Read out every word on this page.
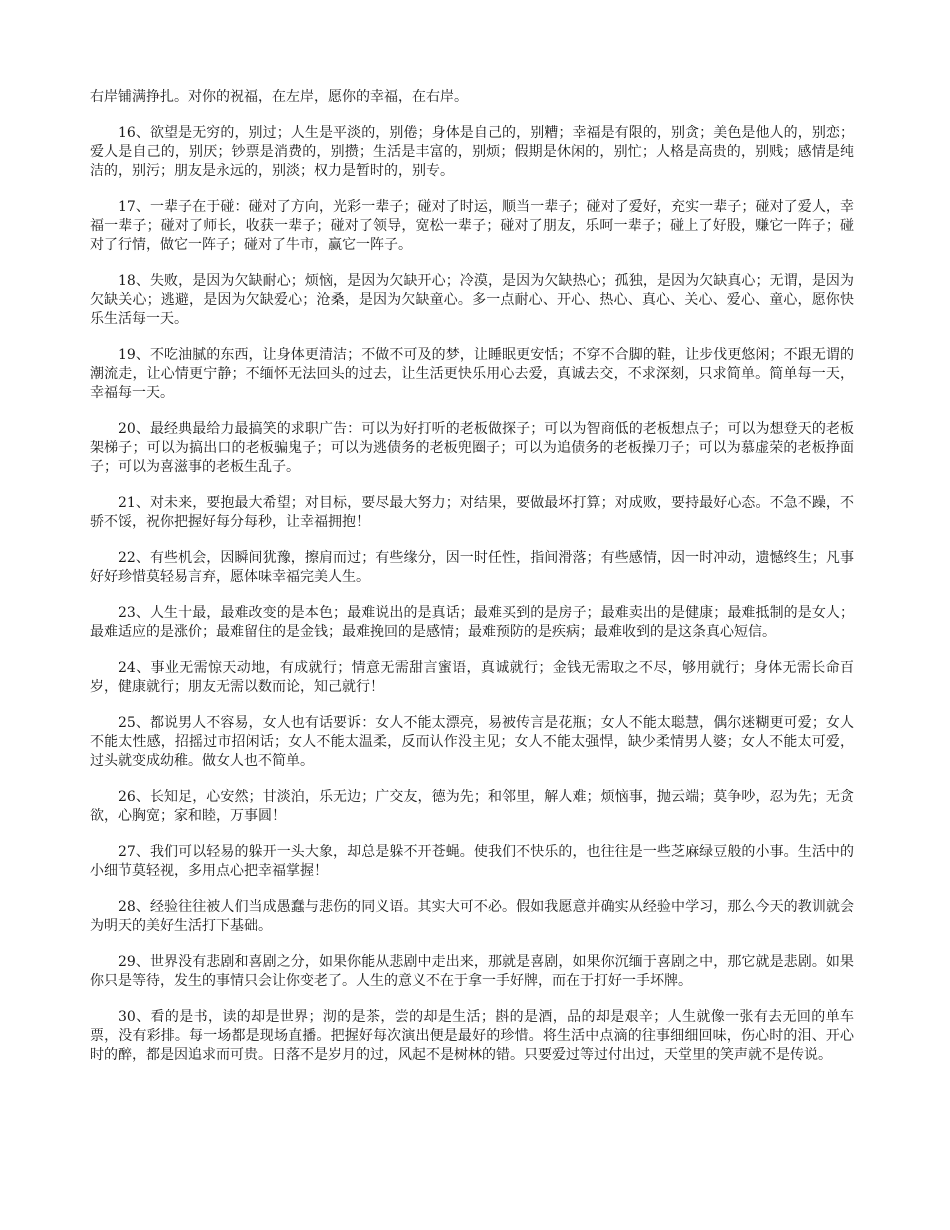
右岸铺满挣扎。对你的祝福，在左岸，愿你的幸福，在右岸。

16、欲望是无穷的，别过；人生是平淡的，别倦；身体是自己的，别糟；幸福是有限的，别贪；美色是他人的，别恋；爱人是自己的，别厌；钞票是消费的，别攒；生活是丰富的，别烦；假期是休闲的，别忙；人格是高贵的，别贱；感情是纯洁的，别污；朋友是永远的，别淡；权力是暂时的，别专。

17、一辈子在于碰：碰对了方向，光彩一辈子；碰对了时运，顺当一辈子；碰对了爱好，充实一辈子；碰对了爱人，幸福一辈子；碰对了师长，收获一辈子；碰对了领导，宽松一辈子；碰对了朋友，乐呵一辈子；碰上了好股，赚它一阵子；碰对了行情，做它一阵子；碰对了牛市，赢它一阵子。

18、失败，是因为欠缺耐心；烦恼，是因为欠缺开心；冷漠，是因为欠缺热心；孤独，是因为欠缺真心；无谓，是因为欠缺关心；逃避，是因为欠缺爱心；沧桑，是因为欠缺童心。多一点耐心、开心、热心、真心、关心、爱心、童心，愿你快乐生活每一天。

19、不吃油腻的东西，让身体更清洁；不做不可及的梦，让睡眠更安恬；不穿不合脚的鞋，让步伐更悠闲；不跟无谓的潮流走，让心情更宁静；不缅怀无法回头的过去，让生活更快乐用心去爱，真诚去交，不求深刻，只求简单。简单每一天，幸福每一天。

20、最经典最给力最搞笑的求职广告：可以为好打听的老板做探子；可以为智商低的老板想点子；可以为想登天的老板架梯子；可以为搞出口的老板骗鬼子；可以为逃债务的老板兜圈子；可以为追债务的老板操刀子；可以为慕虚荣的老板挣面子；可以为喜滋事的老板生乱子。

21、对未来，要抱最大希望；对目标，要尽最大努力；对结果，要做最坏打算；对成败，要持最好心态。不急不躁，不骄不馁，祝你把握好每分每秒，让幸福拥抱！

22、有些机会，因瞬间犹豫，擦肩而过；有些缘分，因一时任性，指间滑落；有些感情，因一时冲动，遗憾终生；凡事好好珍惜莫轻易言弃，愿体味幸福完美人生。

23、人生十最，最难改变的是本色；最难说出的是真话；最难买到的是房子；最难卖出的是健康；最难抵制的是女人；最难适应的是涨价；最难留住的是金钱；最难挽回的是感情；最难预防的是疾病；最难收到的是这条真心短信。

24、事业无需惊天动地，有成就行；情意无需甜言蜜语，真诚就行；金钱无需取之不尽，够用就行；身体无需长命百岁，健康就行；朋友无需以数而论，知己就行！

25、都说男人不容易，女人也有话要诉：女人不能太漂亮，易被传言是花瓶；女人不能太聪慧，偶尔迷糊更可爱；女人不能太性感，招摇过市招闲话；女人不能太温柔，反而认作没主见；女人不能太强悍，缺少柔情男人婆；女人不能太可爱，过头就变成幼稚。做女人也不简单。

26、长知足，心安然；甘淡泊，乐无边；广交友，德为先；和邻里，解人难；烦恼事，抛云端；莫争吵，忍为先；无贪欲，心胸宽；家和睦，万事圆！

27、我们可以轻易的躲开一头大象，却总是躲不开苍蝇。使我们不快乐的，也往往是一些芝麻绿豆般的小事。生活中的小细节莫轻视，多用点心把幸福掌握！

28、经验往往被人们当成愚蠢与悲伤的同义语。其实大可不必。假如我愿意并确实从经验中学习，那么今天的教训就会为明天的美好生活打下基础。

29、世界没有悲剧和喜剧之分，如果你能从悲剧中走出来，那就是喜剧，如果你沉缅于喜剧之中，那它就是悲剧。如果你只是等待，发生的事情只会让你变老了。人生的意义不在于拿一手好牌，而在于打好一手坏牌。

30、看的是书，读的却是世界；沏的是茶，尝的却是生活；斟的是酒，品的却是艰辛；人生就像一张有去无回的单车票，没有彩排。每一场都是现场直播。把握好每次演出便是最好的珍惜。将生活中点滴的往事细细回味，伤心时的泪、开心时的醉，都是因追求而可贵。日落不是岁月的过，风起不是树林的错。只要爱过等过付出过，天堂里的笑声就不是传说。
